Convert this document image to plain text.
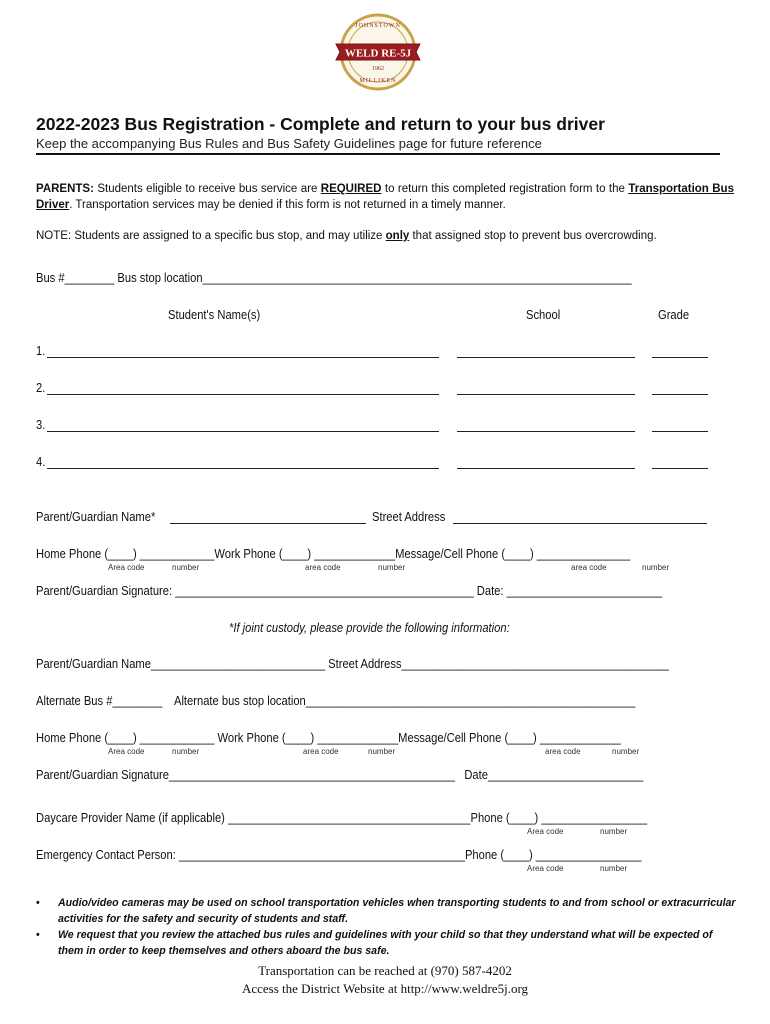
JOHNSTOWN
WELD RE-5J
1962
MILLIKEN
2022-2023 Bus Registration - Complete and return to your bus driver
Keep the accompanying Bus Rules and Bus Safety Guidelines page for future reference
PARENTS: Students eligible to receive bus service are REQUIRED to return this completed registration form to the Transportation Bus Driver. Transportation services may be denied if this form is not returned in a timely manner.
NOTE: Students are assigned to a specific bus stop, and may utilize only that assigned stop to prevent bus overcrowding.
Bus #________ Bus stop location_____________________________________________________________________
Student's Name(s)	School	Grade
1.
2.
3.
4.
Parent/Guardian Name*	Street Address
Home Phone (____) ____________Work Phone (____) _____________Message/Cell Phone (____) _______________
Area code	number	area code	number	area code	number
Parent/Guardian Signature: ________________________________________________ Date: _________________________
*If joint custody, please provide the following information:
Parent/Guardian Name____________________________ Street Address___________________________________________
Alternate Bus #________    Alternate bus stop location_____________________________________________________
Home Phone (____) ____________ Work Phone (____) _____________Message/Cell Phone (____) _____________
Area code	number	area code	number	area code	number
Parent/Guardian Signature______________________________________________   Date_________________________
Daycare Provider Name (if applicable) _______________________________________Phone (____) _________________
Area code	number
Emergency Contact Person: ______________________________________________Phone (____) _________________
Area code	number
• Audio/video cameras may be used on school transportation vehicles when transporting students to and from school or extracurricular activities for the safety and security of students and staff.
• We request that you review the attached bus rules and guidelines with your child so that they understand what will be expected of them in order to keep themselves and others aboard the bus safe.
Transportation can be reached at (970) 587-4202
Access the District Website at http://www.weldre5j.org
